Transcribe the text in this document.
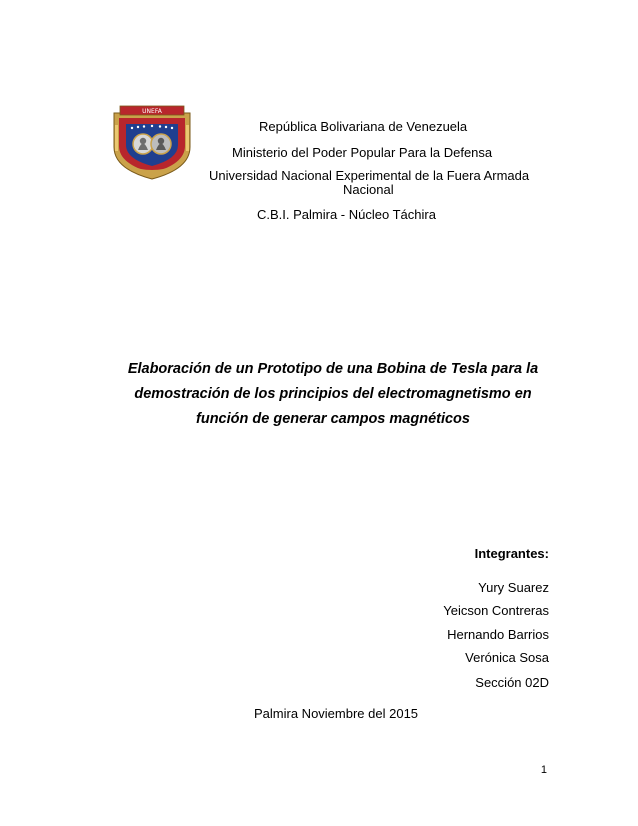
UNEFA
República Bolivariana de Venezuela
Ministerio del Poder Popular Para la Defensa
Universidad Nacional Experimental de la Fuera Armada
Nacional
C.B.I. Palmira - Núcleo Táchira
Elaboración de un Prototipo de una Bobina de Tesla para la
demostración de los principios del electromagnetismo en
función de generar campos magnéticos
Integrantes:
Yury Suarez
Yeicson Contreras
Hernando Barrios
Verónica Sosa
Sección 02D
Palmira Noviembre del 2015
1
